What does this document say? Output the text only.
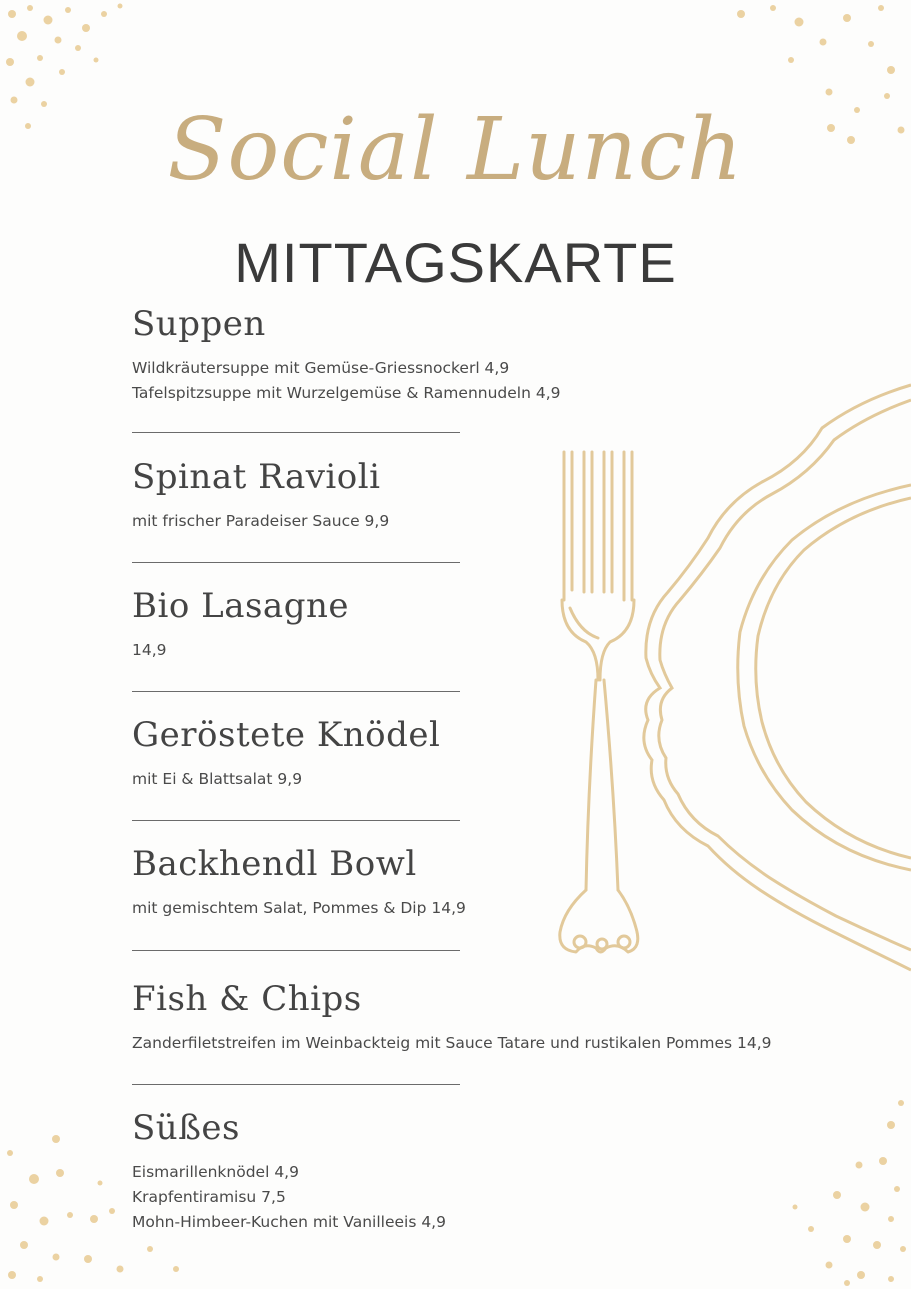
Social Lunch
MITTAGSKARTE
Suppen
Wildkräutersuppe mit Gemüse-Griessnockerl 4,9
Tafelspitzsuppe mit Wurzelgemüse & Ramennudeln 4,9
Spinat Ravioli
mit frischer Paradeiser Sauce 9,9
Bio Lasagne
14,9
Geröstete Knödel
mit Ei & Blattsalat 9,9
Backhendl Bowl
mit gemischtem Salat, Pommes & Dip 14,9
Fish & Chips
Zanderfiletstreifen im Weinbackteig mit Sauce Tatare und rustikalen Pommes 14,9
Süßes
Eismarillenknödel 4,9
Krapfentiramisu 7,5
Mohn-Himbeer-Kuchen mit Vanilleeis 4,9
